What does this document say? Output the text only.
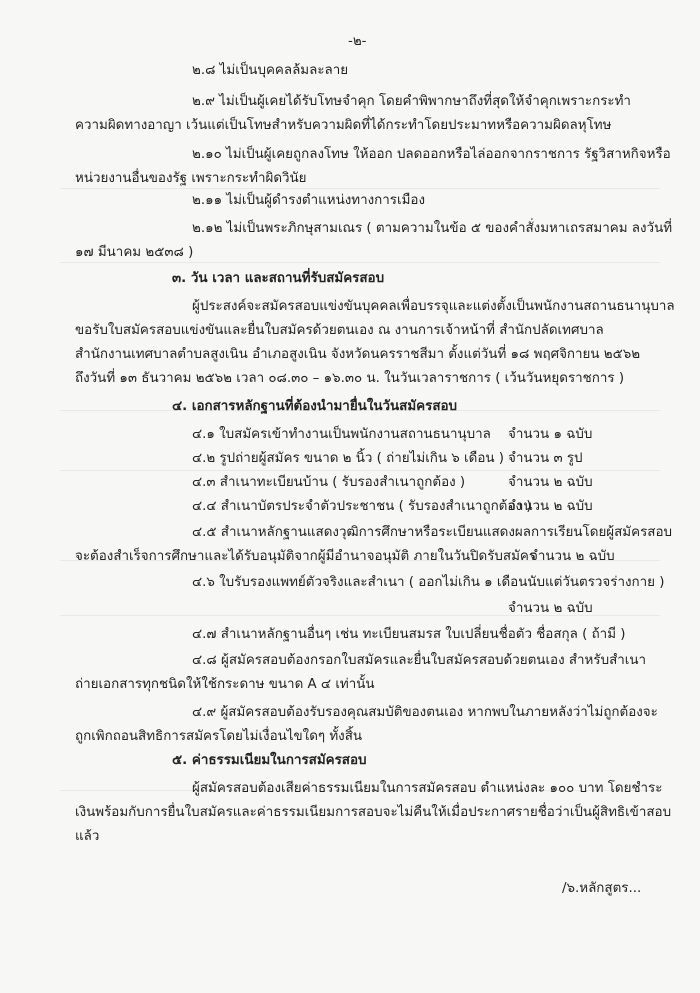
-๒-
๒.๘ ไม่เป็นบุคคลล้มละลาย
๒.๙ ไม่เป็นผู้เคยได้รับโทษจำคุก โดยคำพิพากษาถึงที่สุดให้จำคุกเพราะกระทำ
ความผิดทางอาญา เว้นแต่เป็นโทษสำหรับความผิดที่ได้กระทำโดยประมาทหรือความผิดลหุโทษ
๒.๑๐ ไม่เป็นผู้เคยถูกลงโทษ ให้ออก ปลดออกหรือไล่ออกจากราชการ รัฐวิสาหกิจหรือ
หน่วยงานอื่นของรัฐ เพราะกระทำผิดวินัย
๒.๑๑ ไม่เป็นผู้ดำรงตำแหน่งทางการเมือง
๒.๑๒ ไม่เป็นพระภิกษุสามเณร ( ตามความในข้อ ๕ ของคำสั่งมหาเถรสมาคม ลงวันที่
๑๗ มีนาคม ๒๕๓๘ )
๓. วัน เวลา และสถานที่รับสมัครสอบ
ผู้ประสงค์จะสมัครสอบแข่งขันบุคคลเพื่อบรรจุและแต่งตั้งเป็นพนักงานสถานธนานุบาล
ขอรับใบสมัครสอบแข่งขันและยื่นใบสมัครด้วยตนเอง ณ งานการเจ้าหน้าที่ สำนักปลัดเทศบาล
สำนักงานเทศบาลตำบลสูงเนิน อำเภอสูงเนิน จังหวัดนครราชสีมา ตั้งแต่วันที่ ๑๘ พฤศจิกายน ๒๕๖๒
ถึงวันที่ ๑๓ ธันวาคม ๒๕๖๒ เวลา ๐๘.๓๐ – ๑๖.๓๐ น. ในวันเวลาราชการ ( เว้นวันหยุดราชการ )
๔. เอกสารหลักฐานที่ต้องนำมายื่นในวันสมัครสอบ
๔.๑ ใบสมัครเข้าทำงานเป็นพนักงานสถานธนานุบาล จำนวน ๑ ฉบับ
๔.๒ รูปถ่ายผู้สมัคร ขนาด ๒ นิ้ว ( ถ่ายไม่เกิน ๖ เดือน ) จำนวน ๓ รูป
๔.๓ สำเนาทะเบียนบ้าน ( รับรองสำเนาถูกต้อง )	จำนวน ๒ ฉบับ
๔.๔ สำเนาบัตรประจำตัวประชาชน ( รับรองสำเนาถูกต้อง )
จำนวน ๒ ฉบับ
๔.๕ สำเนาหลักฐานแสดงวุฒิการศึกษาหรือระเบียนแสดงผลการเรียนโดยผู้สมัครสอบ
จะต้องสำเร็จการศึกษาและได้รับอนุมัติจากผู้มีอำนาจอนุมัติ ภายในวันปิดรับสมัคร
จำนวน ๒ ฉบับ
๔.๖ ใบรับรองแพทย์ตัวจริงและสำเนา ( ออกไม่เกิน ๑ เดือนนับแต่วันตรวจร่างกาย )
จำนวน ๒ ฉบับ
๔.๗ สำเนาหลักฐานอื่นๆ เช่น ทะเบียนสมรส ใบเปลี่ยนชื่อตัว ชื่อสกุล ( ถ้ามี )
๔.๘ ผู้สมัครสอบต้องกรอกใบสมัครและยื่นใบสมัครสอบด้วยตนเอง สำหรับสำเนา
ถ่ายเอกสารทุกชนิดให้ใช้กระดาษ ขนาด A ๔ เท่านั้น
๔.๙ ผู้สมัครสอบต้องรับรองคุณสมบัติของตนเอง หากพบในภายหลังว่าไม่ถูกต้องจะ
ถูกเพิกถอนสิทธิการสมัครโดยไม่เงื่อนไขใดๆ ทั้งสิ้น
๕. ค่าธรรมเนียมในการสมัครสอบ
ผู้สมัครสอบต้องเสียค่าธรรมเนียมในการสมัครสอบ ตำแหน่งละ ๑๐๐ บาท โดยชำระ
เงินพร้อมกับการยื่นใบสมัครและค่าธรรมเนียมการสอบจะไม่คืนให้เมื่อประกาศรายชื่อว่าเป็นผู้สิทธิเข้าสอบ
แล้ว
/๖.หลักสูตร...
